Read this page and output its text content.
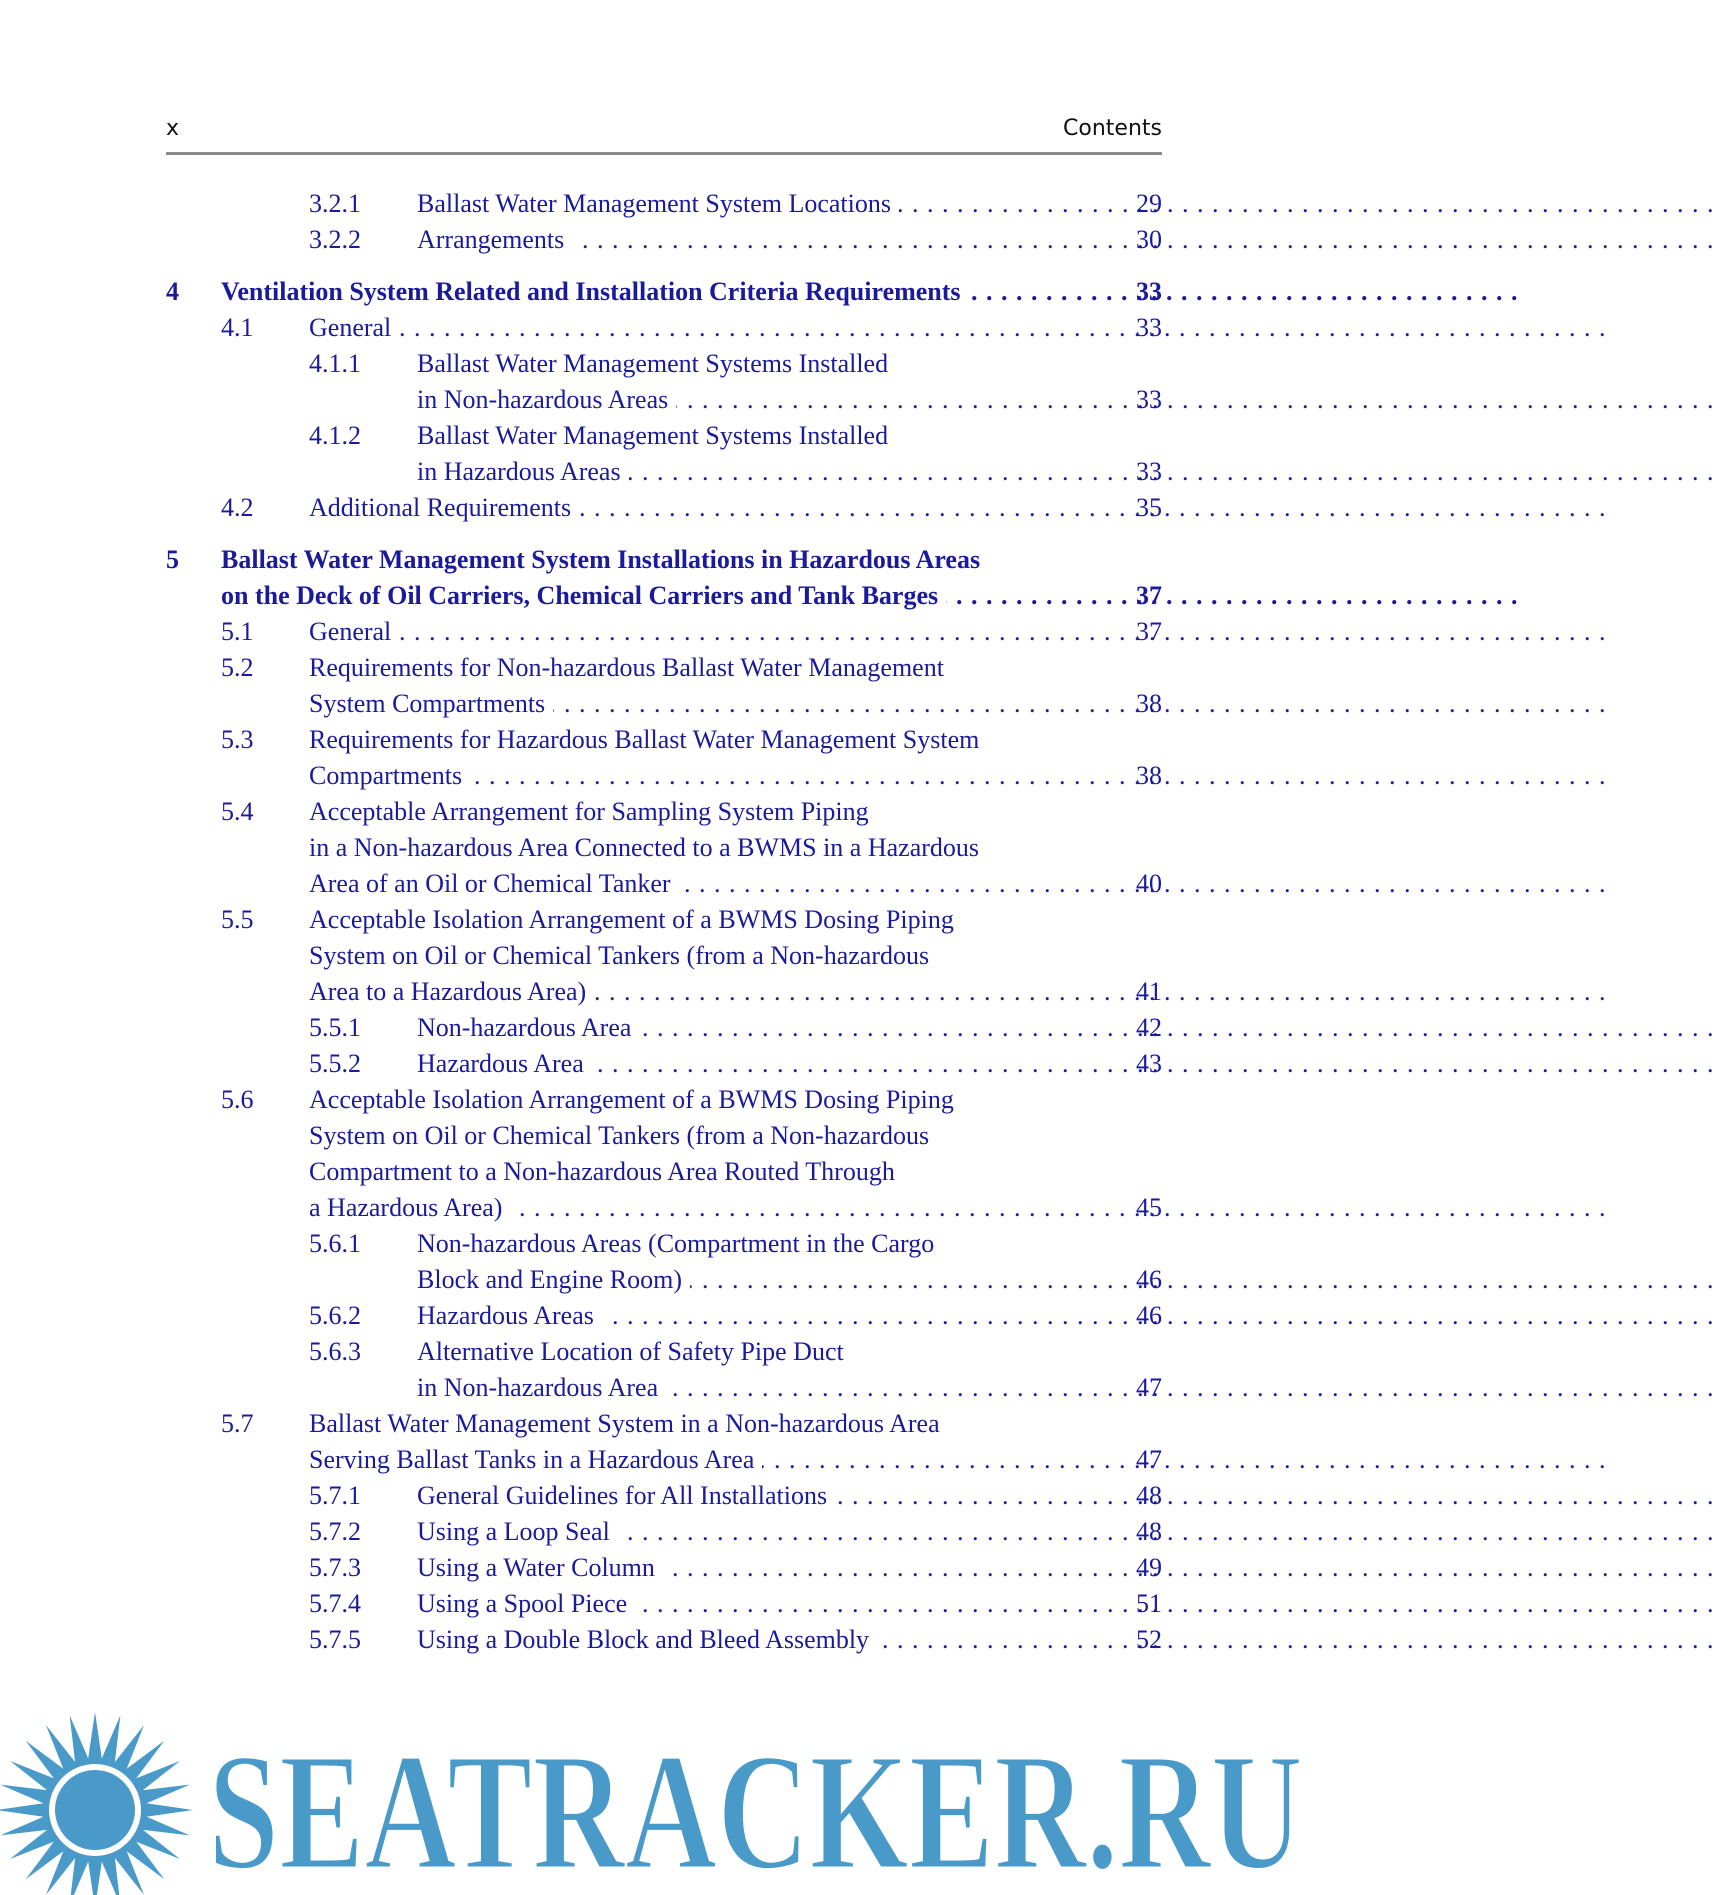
x	Contents
3.2.1 Ballast Water Management System Locations . . .	29
3.2.2 Arrangements . . .	30
4 Ventilation System Related and Installation Criteria Requirements . . .	33
4.1 General . . .	33
4.1.1 Ballast Water Management Systems Installed
in Non-hazardous Areas . . .	33
4.1.2 Ballast Water Management Systems Installed
in Hazardous Areas . . .	33
4.2 Additional Requirements . . .	35
5 Ballast Water Management System Installations in Hazardous Areas
on the Deck of Oil Carriers, Chemical Carriers and Tank Barges . . .	37
5.1 General . . .	37
5.2 Requirements for Non-hazardous Ballast Water Management
System Compartments . . .	38
5.3 Requirements for Hazardous Ballast Water Management System
Compartments . . .	38
5.4 Acceptable Arrangement for Sampling System Piping
in a Non-hazardous Area Connected to a BWMS in a Hazardous
Area of an Oil or Chemical Tanker . . .	40
5.5 Acceptable Isolation Arrangement of a BWMS Dosing Piping
System on Oil or Chemical Tankers (from a Non-hazardous
Area to a Hazardous Area) . . .	41
5.5.1 Non-hazardous Area . . .	42
5.5.2 Hazardous Area . . .	43
5.6 Acceptable Isolation Arrangement of a BWMS Dosing Piping
System on Oil or Chemical Tankers (from a Non-hazardous
Compartment to a Non-hazardous Area Routed Through
a Hazardous Area) . . .	45
5.6.1 Non-hazardous Areas (Compartment in the Cargo
Block and Engine Room) . . .	46
5.6.2 Hazardous Areas . . .	46
5.6.3 Alternative Location of Safety Pipe Duct
in Non-hazardous Area . . .	47
5.7 Ballast Water Management System in a Non-hazardous Area
Serving Ballast Tanks in a Hazardous Area . . .	47
5.7.1 General Guidelines for All Installations . . .	48
5.7.2 Using a Loop Seal . . .	48
5.7.3 Using a Water Column . . .	49
5.7.4 Using a Spool Piece . . .	51
5.7.5 Using a Double Block and Bleed Assembly . . .	52
SEATRACKER.RU
